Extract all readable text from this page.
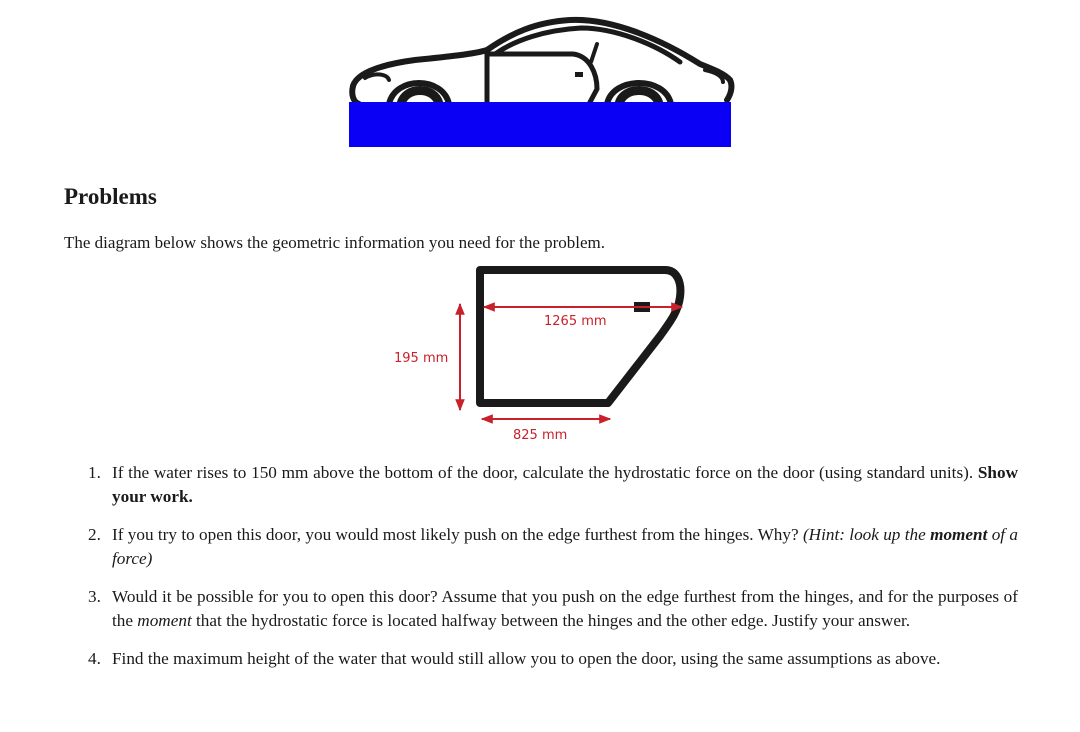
Problems

The diagram below shows the geometric information you need for the problem.

1265 mm
195 mm
825 mm
1. If the water rises to 150 mm above the bottom of the door, calculate the hydrostatic force on the door (using standard units). Show your work.
2. If you try to open this door, you would most likely push on the edge furthest from the hinges. Why? (Hint: look up the moment of a force)
3. Would it be possible for you to open this door? Assume that you push on the edge furthest from the hinges, and for the purposes of the moment that the hydrostatic force is located halfway between the hinges and the other edge. Justify your answer.
4. Find the maximum height of the water that would still allow you to open the door, using the same assumptions as above.
